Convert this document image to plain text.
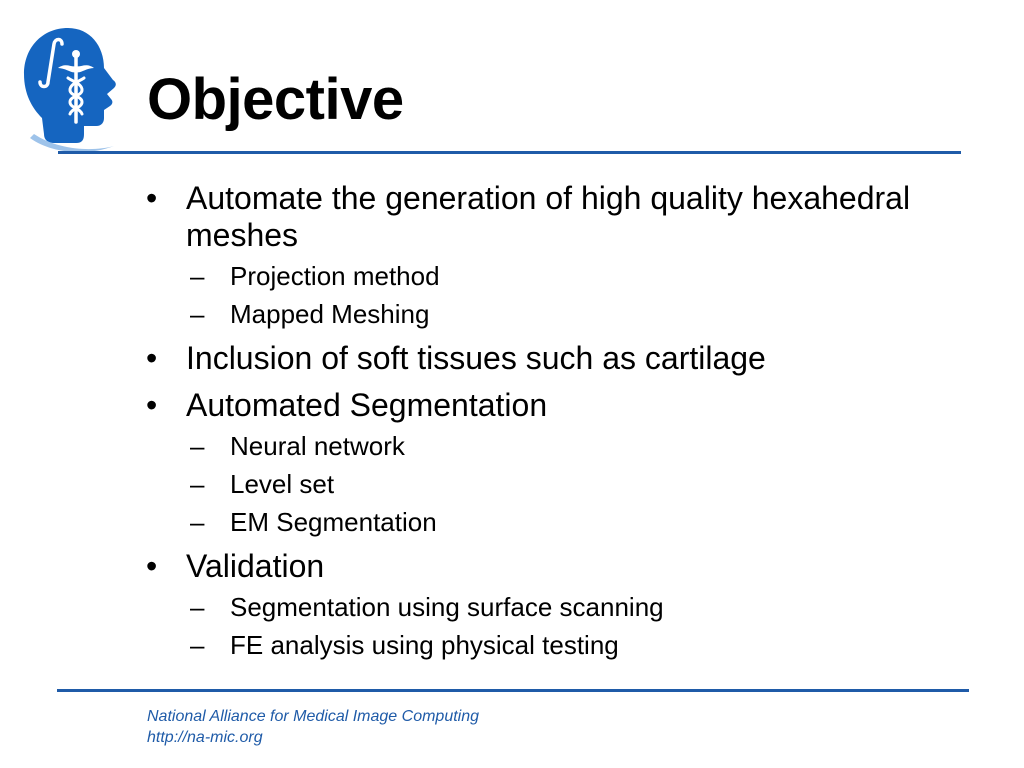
Objective
• Automate the generation of high quality hexahedral meshes
– Projection method
– Mapped Meshing
• Inclusion of soft tissues such as cartilage
• Automated Segmentation
– Neural network
– Level set
– EM Segmentation
• Validation
– Segmentation using surface scanning
– FE analysis using physical testing
National Alliance for Medical Image Computing
http://na-mic.org
